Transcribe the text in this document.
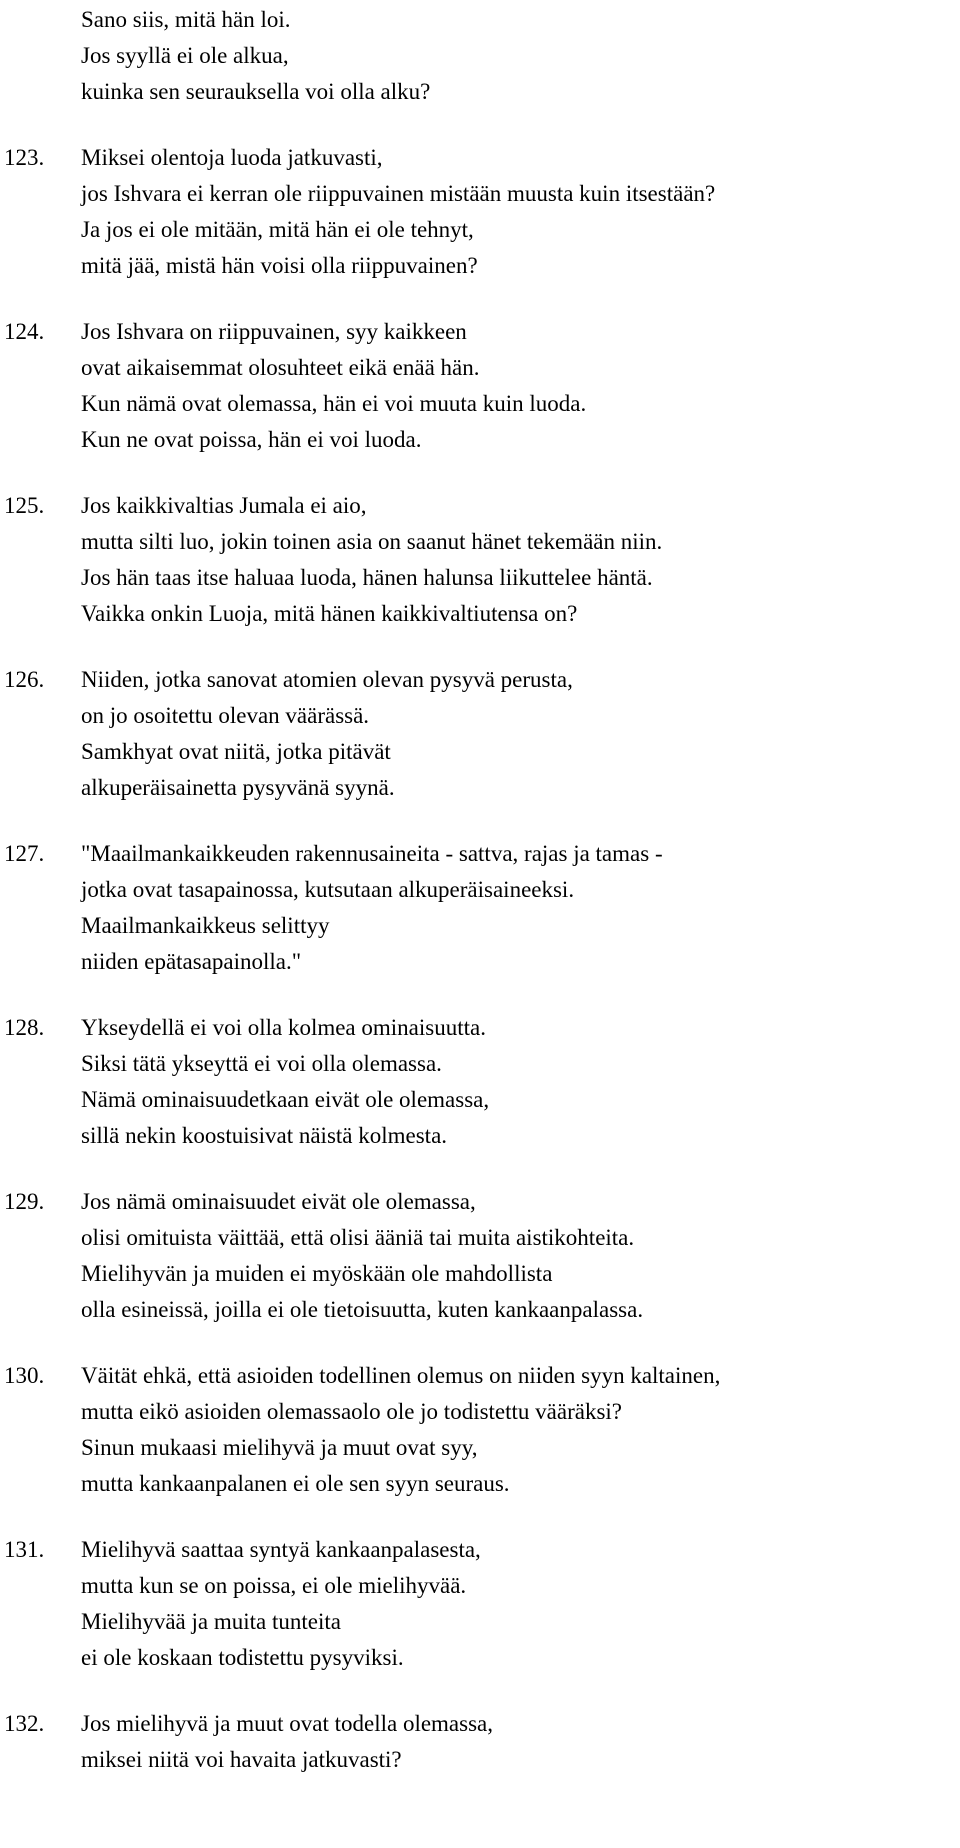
Sano siis, mitä hän loi.
Jos syyllä ei ole alkua,
kuinka sen seurauksella voi olla alku?
123.	Miksei olentoja luoda jatkuvasti,
jos Ishvara ei kerran ole riippuvainen mistään muusta kuin itsestään?
Ja jos ei ole mitään, mitä hän ei ole tehnyt,
mitä jää, mistä hän voisi olla riippuvainen?
124.	Jos Ishvara on riippuvainen, syy kaikkeen
ovat aikaisemmat olosuhteet eikä enää hän.
Kun nämä ovat olemassa, hän ei voi muuta kuin luoda.
Kun ne ovat poissa, hän ei voi luoda.
125.	Jos kaikkivaltias Jumala ei aio,
mutta silti luo, jokin toinen asia on saanut hänet tekemään niin.
Jos hän taas itse haluaa luoda, hänen halunsa liikuttelee häntä.
Vaikka onkin Luoja, mitä hänen kaikkivaltiutensa on?
126.	Niiden, jotka sanovat atomien olevan pysyvä perusta,
on jo osoitettu olevan väärässä.
Samkhyat ovat niitä, jotka pitävät
alkuperäisainetta pysyvänä syynä.
127.	"Maailmankaikkeuden rakennusaineita - sattva, rajas ja tamas -
jotka ovat tasapainossa, kutsutaan alkuperäisaineeksi.
Maailmankaikkeus selittyy
niiden epätasapainolla."
128.	Ykseydellä ei voi olla kolmea ominaisuutta.
Siksi tätä ykseyttä ei voi olla olemassa.
Nämä ominaisuudetkaan eivät ole olemassa,
sillä nekin koostuisivat näistä kolmesta.
129.	Jos nämä ominaisuudet eivät ole olemassa,
olisi omituista väittää, että olisi ääniä tai muita aistikohteita.
Mielihyvän ja muiden ei myöskään ole mahdollista
olla esineissä, joilla ei ole tietoisuutta, kuten kankaanpalassa.
130.	Väität ehkä, että asioiden todellinen olemus on niiden syyn kaltainen,
mutta eikö asioiden olemassaolo ole jo todistettu vääräksi?
Sinun mukaasi mielihyvä ja muut ovat syy,
mutta kankaanpalanen ei ole sen syyn seuraus.
131.	Mielihyvä saattaa syntyä kankaanpalasesta,
mutta kun se on poissa, ei ole mielihyvää.
Mielihyvää ja muita tunteita
ei ole koskaan todistettu pysyviksi.
132.	Jos mielihyvä ja muut ovat todella olemassa,
miksei niitä voi havaita jatkuvasti?
